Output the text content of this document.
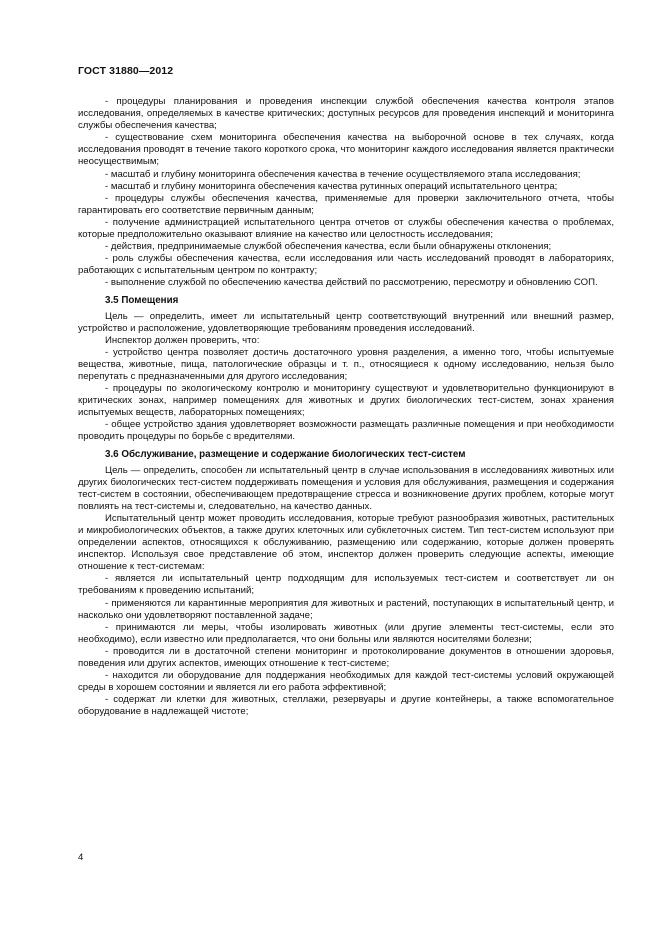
ГОСТ 31880—2012

- процедуры планирования и проведения инспекции службой обеспечения качества контроля этапов исследования, определяемых в качестве критических; доступных ресурсов для проведения инспекций и мониторинга службы обеспечения качества;

- существование схем мониторинга обеспечения качества на выборочной основе в тех случаях, когда исследования проводят в течение такого короткого срока, что мониторинг каждого исследования является практически неосуществимым;

- масштаб и глубину мониторинга обеспечения качества в течение осуществляемого этапа исследования;

- масштаб и глубину мониторинга обеспечения качества рутинных операций испытательного центра;

- процедуры службы обеспечения качества, применяемые для проверки заключительного отчета, чтобы гарантировать его соответствие первичным данным;

- получение администрацией испытательного центра отчетов от службы обеспечения качества о проблемах, которые предположительно оказывают влияние на качество или целостность исследования;

- действия, предпринимаемые службой обеспечения качества, если были обнаружены отклонения;

- роль службы обеспечения качества, если исследования или часть исследований проводят в лабораториях, работающих с испытательным центром по контракту;

- выполнение службой по обеспечению качества действий по рассмотрению, пересмотру и обновлению СОП.

3.5 Помещения

Цель — определить, имеет ли испытательный центр соответствующий внутренний или внешний размер, устройство и расположение, удовлетворяющие требованиям проведения исследований.

Инспектор должен проверить, что:

- устройство центра позволяет достичь достаточного уровня разделения, а именно того, чтобы испытуемые вещества, животные, пища, патологические образцы и т. п., относящиеся к одному исследованию, нельзя было перепутать с предназначенными для другого исследования;

- процедуры по экологическому контролю и мониторингу существуют и удовлетворительно функционируют в критических зонах, например помещениях для животных и других биологических тест-систем, зонах хранения испытуемых веществ, лабораторных помещениях;

- общее устройство здания удовлетворяет возможности размещать различные помещения и при необходимости проводить процедуры по борьбе с вредителями.

3.6 Обслуживание, размещение и содержание биологических тест-систем

Цель — определить, способен ли испытательный центр в случае использования в исследованиях животных или других биологических тест-систем поддерживать помещения и условия для обслуживания, размещения и содержания тест-систем в состоянии, обеспечивающем предотвращение стресса и возникновение других проблем, которые могут повлиять на тест-системы и, следовательно, на качество данных.

Испытательный центр может проводить исследования, которые требуют разнообразия животных, растительных и микробиологических объектов, а также других клеточных или субклеточных систем. Тип тест-систем используют при определении аспектов, относящихся к обслуживанию, размещению или содержанию, которые должен проверять инспектор. Используя свое представление об этом, инспектор должен проверить следующие аспекты, имеющие отношение к тест-системам:

- является ли испытательный центр подходящим для используемых тест-систем и соответствует ли он требованиям к проведению испытаний;

- применяются ли карантинные мероприятия для животных и растений, поступающих в испытательный центр, и насколько они удовлетворяют поставленной задаче;

- принимаются ли меры, чтобы изолировать животных (или другие элементы тест-системы, если это необходимо), если известно или предполагается, что они больны или являются носителями болезни;

- проводится ли в достаточной степени мониторинг и протоколирование документов в отношении здоровья, поведения или других аспектов, имеющих отношение к тест-системе;

- находится ли оборудование для поддержания необходимых для каждой тест-системы условий окружающей среды в хорошем состоянии и является ли его работа эффективной;

- содержат ли клетки для животных, стеллажи, резервуары и другие контейнеры, а также вспомогательное оборудование в надлежащей чистоте;

4
